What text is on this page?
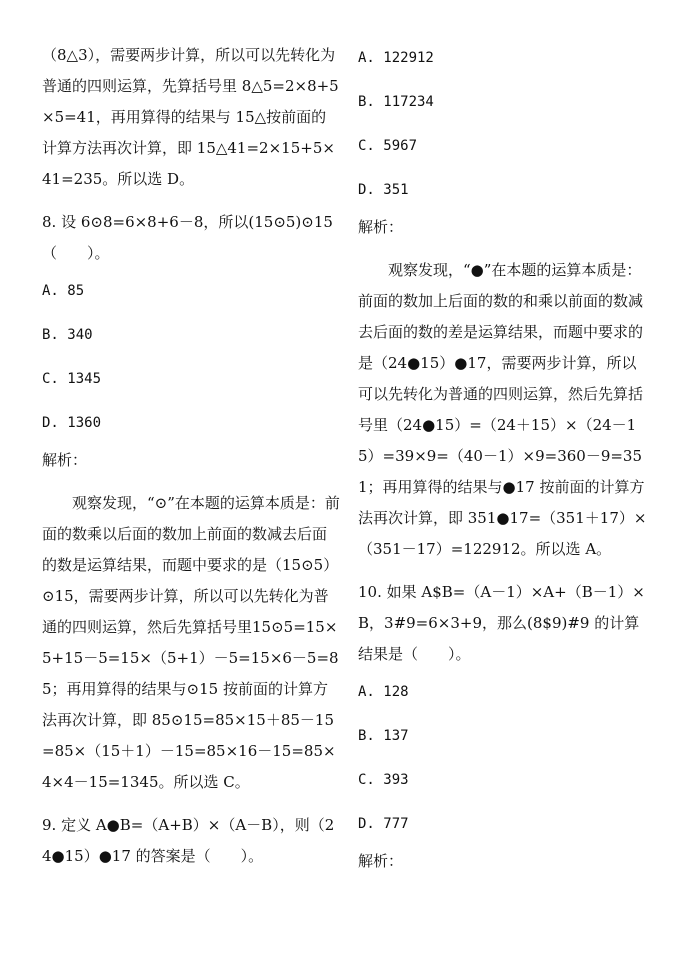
（8△3），需要两步计算，所以可以先转化为普通的四则运算，先算括号里 8△5=2×8+5×5=41，再用算得的结果与 15△按前面的计算方法再次计算，即 15△41=2×15+5×41=235。所以选 D。

8. 设 6⊙8=6×8+6－8，所以(15⊙5)⊙15（　　）。

A. 85

B. 340

C. 1345

D. 1360

解析：

观察发现，“⊙”在本题的运算本质是：前面的数乘以后面的数加上前面的数减去后面的数是运算结果，而题中要求的是（15⊙5）⊙15，需要两步计算，所以可以先转化为普通的四则运算，然后先算括号里15⊙5=15×5+15－5=15×（5+1）－5=15×6－5=85；再用算得的结果与⊙15 按前面的计算方法再次计算，即 85⊙15=85×15＋85－15=85×（15＋1）－15=85×16－15=85×4×4－15=1345。所以选 C。

9. 定义 A●B=（A+B）×（A－B），则（24●15）●17 的答案是（　　）。

A. 122912

B. 117234

C. 5967

D. 351

解析：

观察发现，“●”在本题的运算本质是：前面的数加上后面的数的和乘以前面的数减去后面的数的差是运算结果，而题中要求的是（24●15）●17，需要两步计算，所以可以先转化为普通的四则运算，然后先算括号里（24●15）=（24＋15）×（24－15）=39×9=（40－1）×9=360－9=351；再用算得的结果与●17 按前面的计算方法再次计算，即 351●17=（351＋17）×（351－17）=122912。所以选 A。

10. 如果 A$B=（A－1）×A+（B－1）×B，3#9=6×3+9，那么(8$9)#9 的计算结果是（　　）。

A. 128

B. 137

C. 393

D. 777

解析：
